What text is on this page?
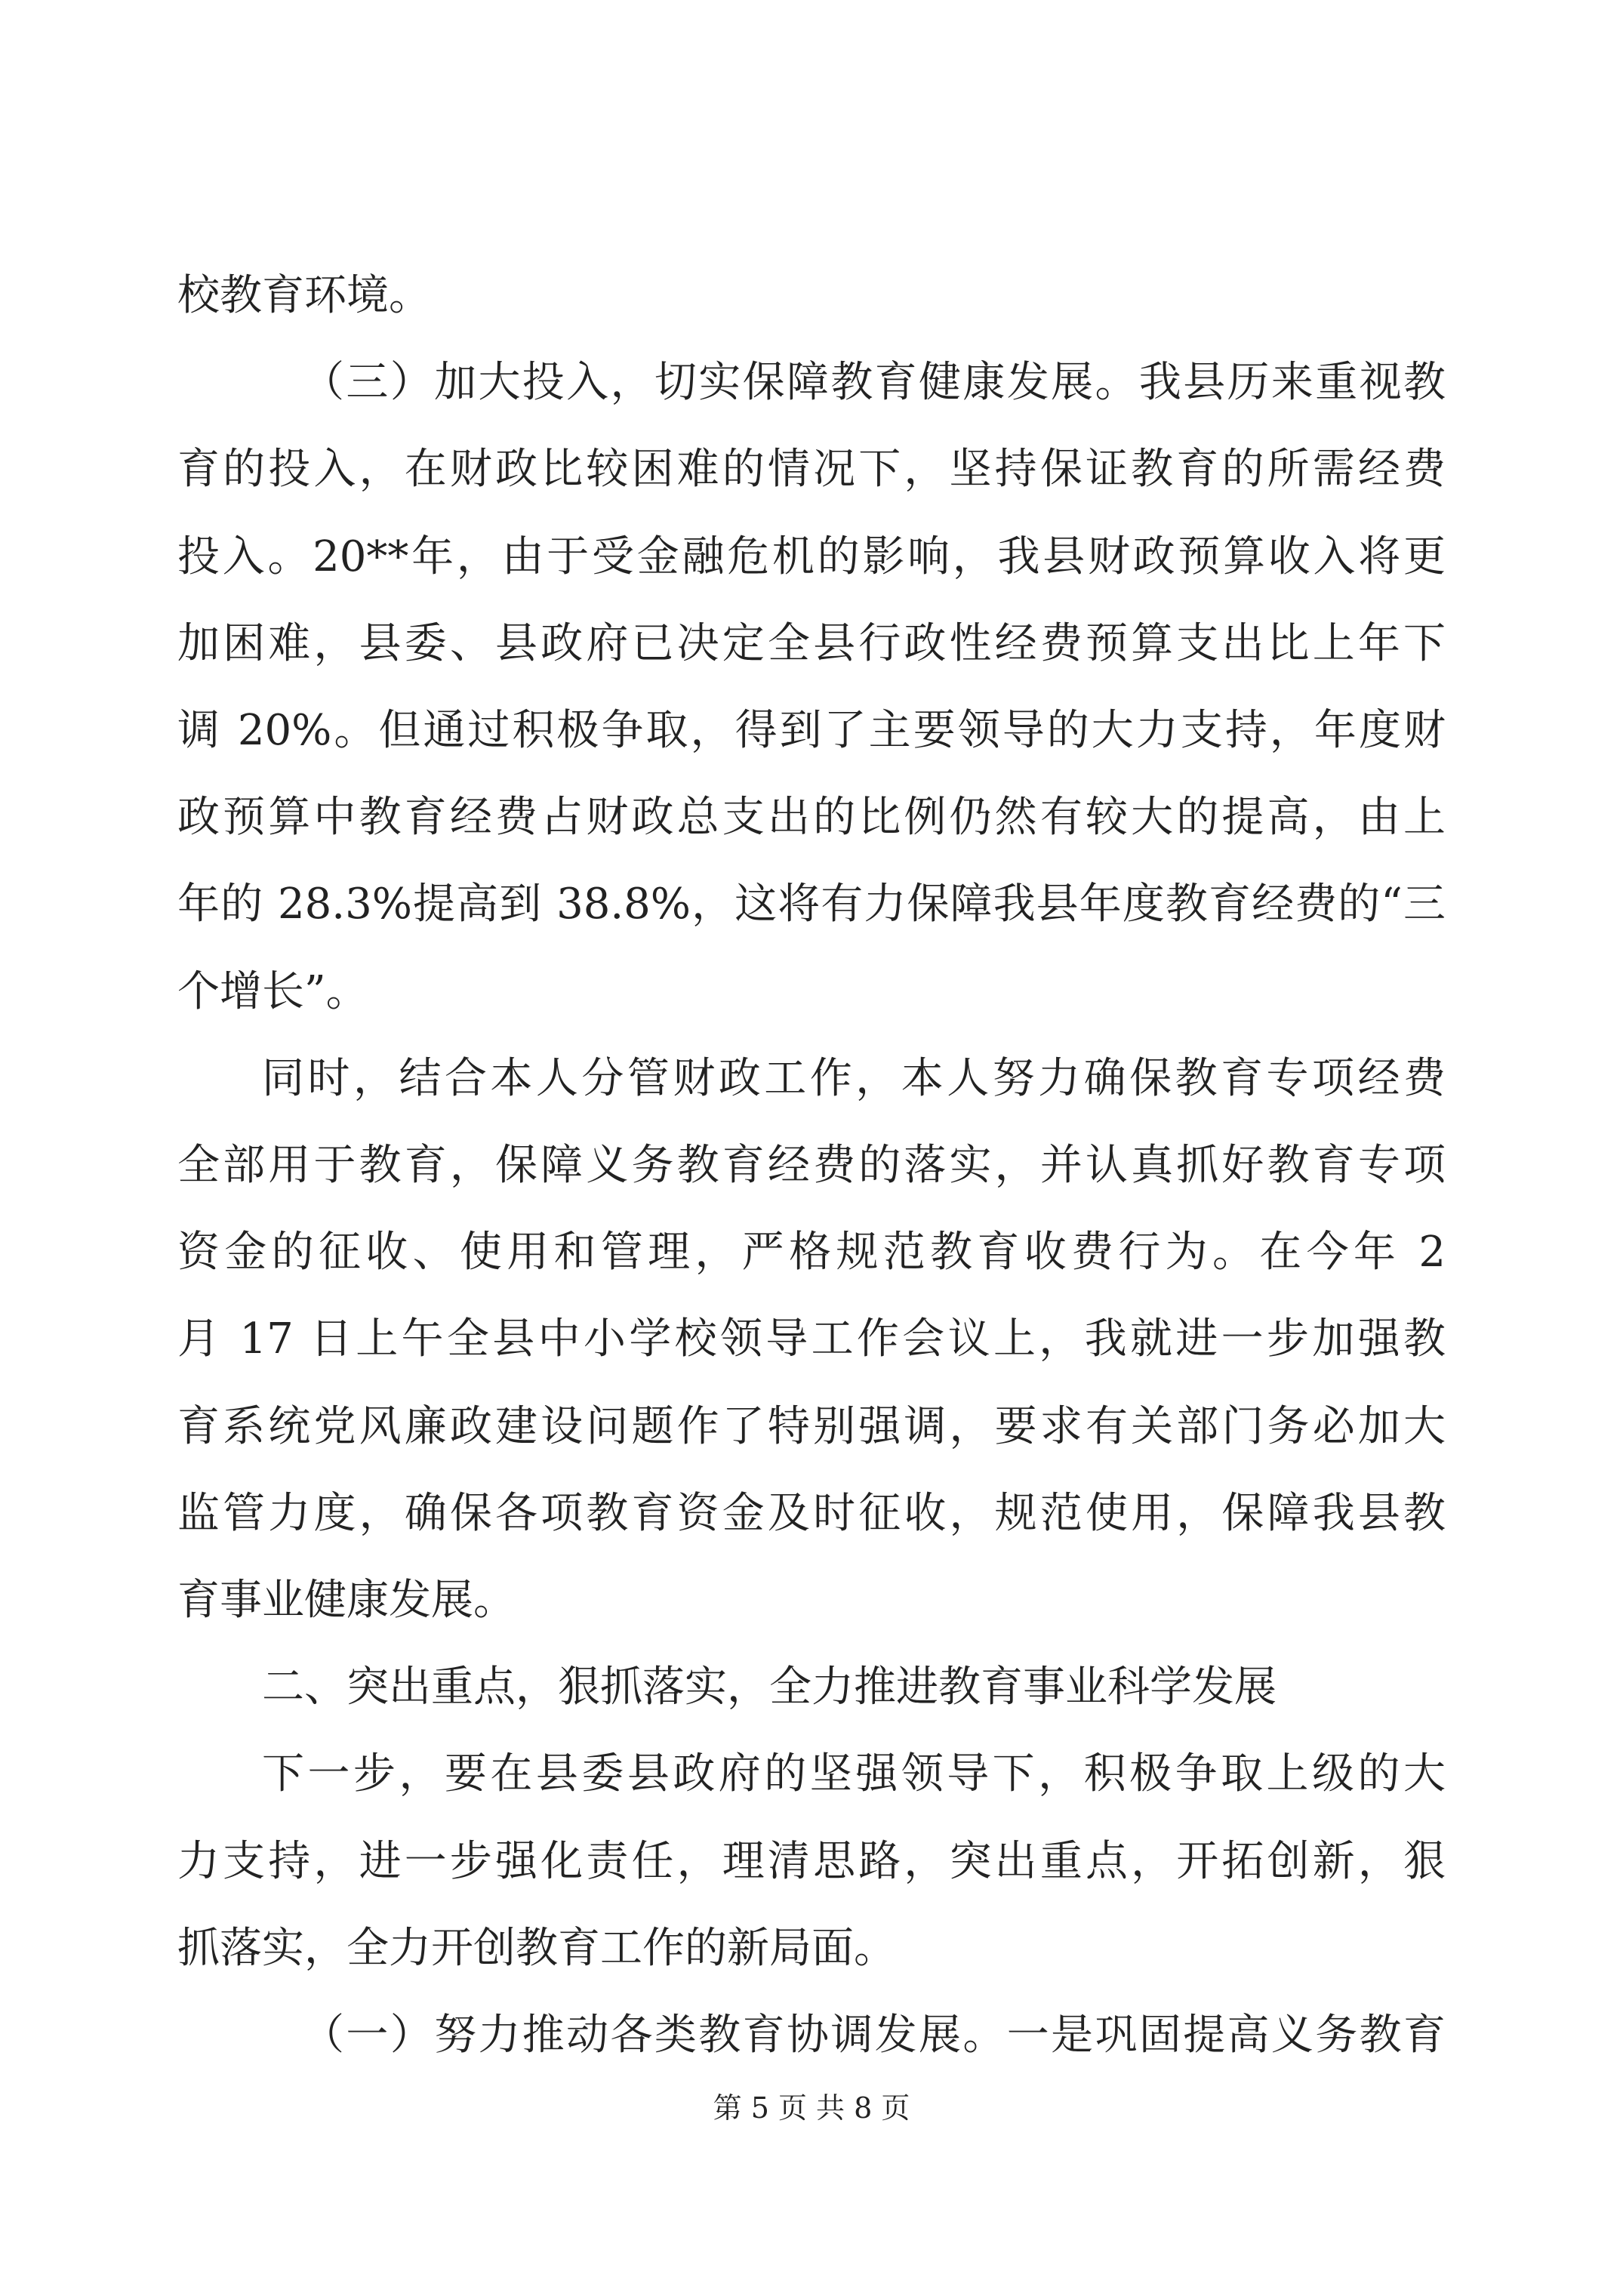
校教育环境。
（三）加大投入，切实保障教育健康发展。我县历来重视教
育的投入，在财政比较困难的情况下，坚持保证教育的所需经费
投入。20**年，由于受金融危机的影响，我县财政预算收入将更
加困难，县委、县政府已决定全县行政性经费预算支出比上年下
调 20%。但通过积极争取，得到了主要领导的大力支持，年度财
政预算中教育经费占财政总支出的比例仍然有较大的提高，由上
年的 28.3%提高到 38.8%，这将有力保障我县年度教育经费的“三
个增长”。
同时，结合本人分管财政工作，本人努力确保教育专项经费
全部用于教育，保障义务教育经费的落实，并认真抓好教育专项
资金的征收、使用和管理，严格规范教育收费行为。在今年 2
月 17 日上午全县中小学校领导工作会议上，我就进一步加强教
育系统党风廉政建设问题作了特别强调，要求有关部门务必加大
监管力度，确保各项教育资金及时征收，规范使用，保障我县教
育事业健康发展。
二、突出重点，狠抓落实，全力推进教育事业科学发展
下一步，要在县委县政府的坚强领导下，积极争取上级的大
力支持，进一步强化责任，理清思路，突出重点，开拓创新，狠
抓落实，全力开创教育工作的新局面。
（一）努力推动各类教育协调发展。一是巩固提高义务教育
第 5 页 共 8 页
